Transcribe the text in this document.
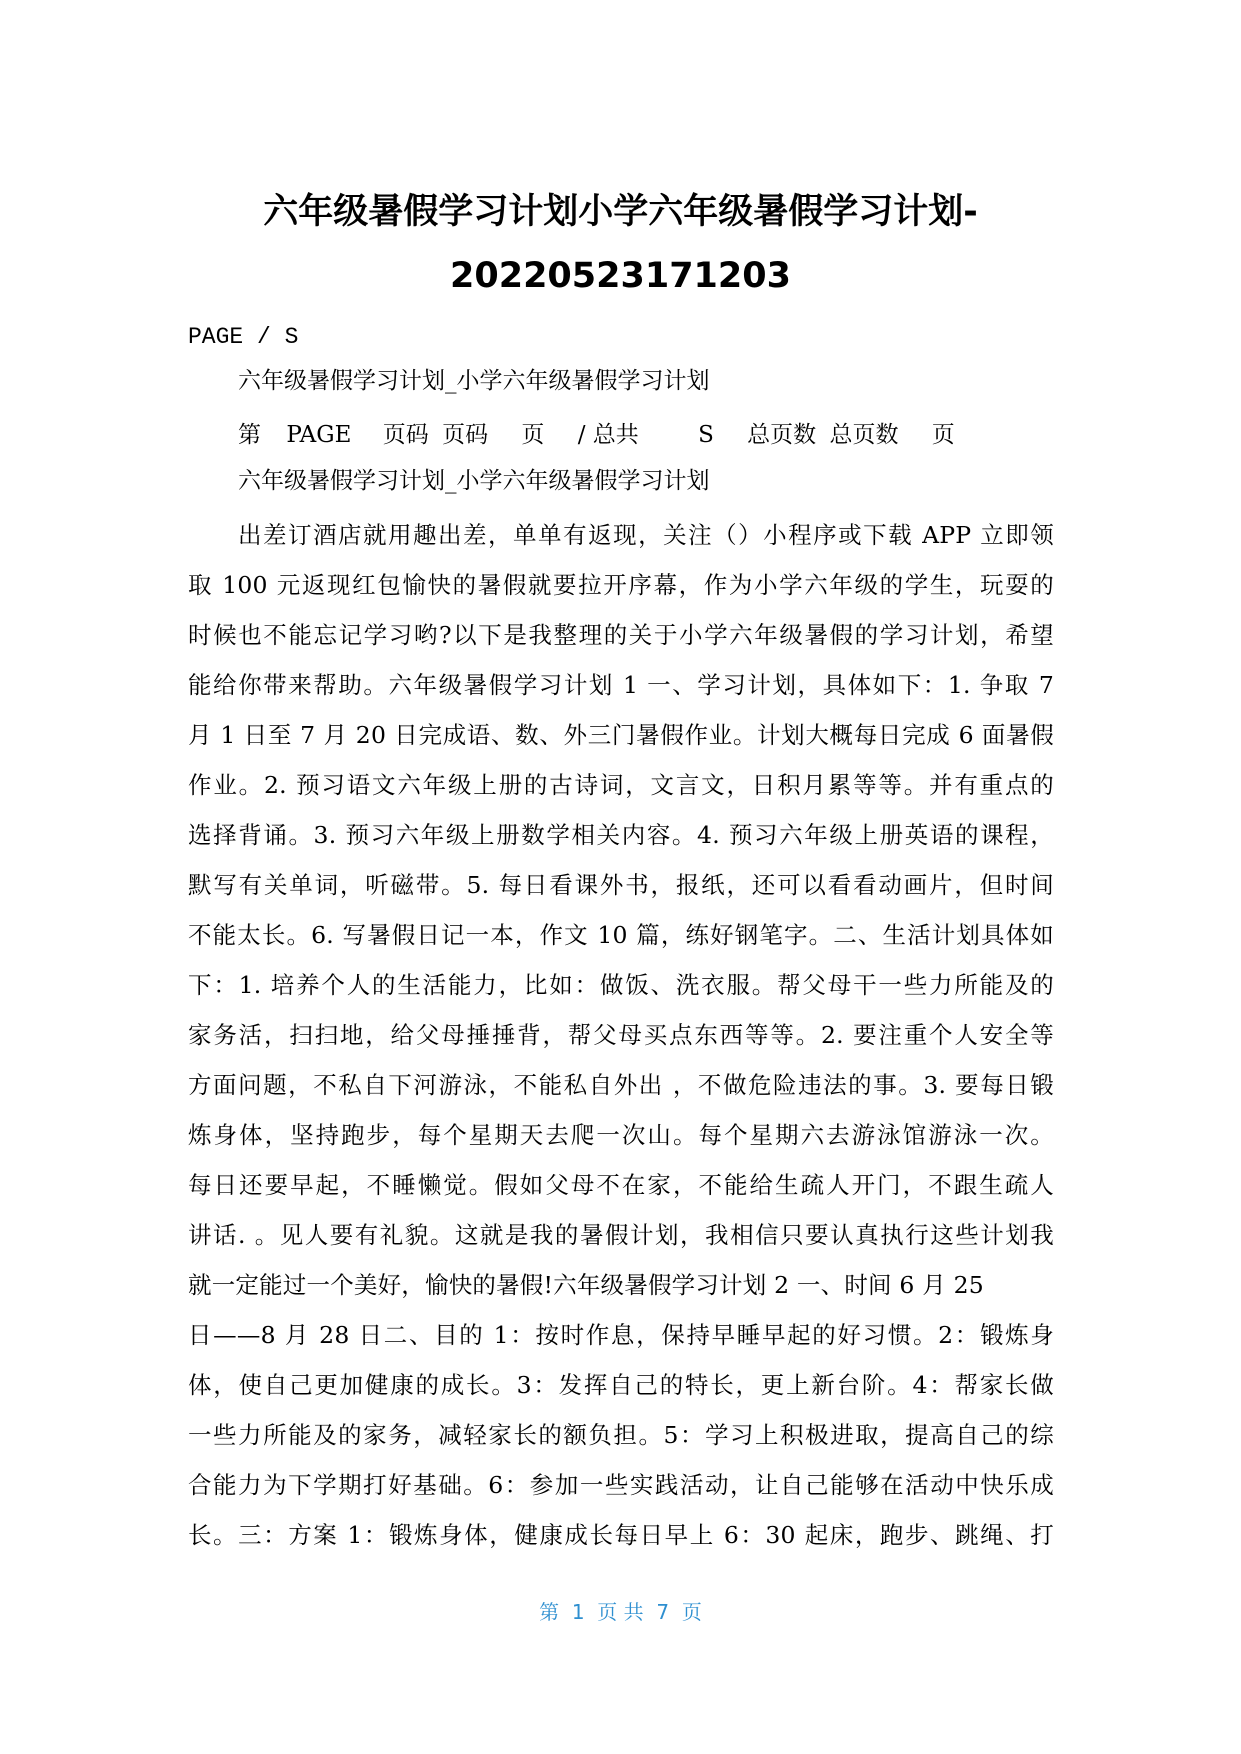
六年级暑假学习计划小学六年级暑假学习计划-
20220523171203
PAGE / S
六年级暑假学习计划_小学六年级暑假学习计划
第 PAGE 页码 页码 页 / 总共	S 总页数 总页数 页
六年级暑假学习计划_小学六年级暑假学习计划
出差订酒店就用趣出差，单单有返现，关注（）小程序或下载 APP 立即领
取 100 元返现红包愉快的暑假就要拉开序幕，作为小学六年级的学生，玩耍的
时候也不能忘记学习哟?以下是我整理的关于小学六年级暑假的学习计划，希望
能给你带来帮助。六年级暑假学习计划 1 一、学习计划，具体如下：1. 争取 7
月 1 日至 7 月 20 日完成语、数、外三门暑假作业。计划大概每日完成 6 面暑假
作业。2. 预习语文六年级上册的古诗词，文言文，日积月累等等。并有重点的
选择背诵。3. 预习六年级上册数学相关内容。4. 预习六年级上册英语的课程，
默写有关单词，听磁带。5. 每日看课外书，报纸，还可以看看动画片，但时间
不能太长。6. 写暑假日记一本，作文 10 篇，练好钢笔字。二、生活计划具体如
下：1. 培养个人的生活能力，比如：做饭、洗衣服。帮父母干一些力所能及的
家务活，扫扫地，给父母捶捶背，帮父母买点东西等等。2. 要注重个人安全等
方面问题，不私自下河游泳，不能私自外出 ，不做危险违法的事。3. 要每日锻
炼身体，坚持跑步，每个星期天去爬一次山。每个星期六去游泳馆游泳一次。
每日还要早起，不睡懒觉。假如父母不在家，不能给生疏人开门，不跟生疏人
讲话. 。见人要有礼貌。这就是我的暑假计划，我相信只要认真执行这些计划我
就一定能过一个美好，愉快的暑假!六年级暑假学习计划 2 一、时间 6 月 25
日——8 月 28 日二、目的 1：按时作息，保持早睡早起的好习惯。2：锻炼身
体，使自己更加健康的成长。3：发挥自己的特长，更上新台阶。4：帮家长做
一些力所能及的家务，减轻家长的额负担。5：学习上积极进取，提高自己的综
合能力为下学期打好基础。6：参加一些实践活动，让自己能够在活动中快乐成
长。三：方案 1：锻炼身体，健康成长每日早上 6：30 起床，跑步、跳绳、打
第  1  页 共  7  页
